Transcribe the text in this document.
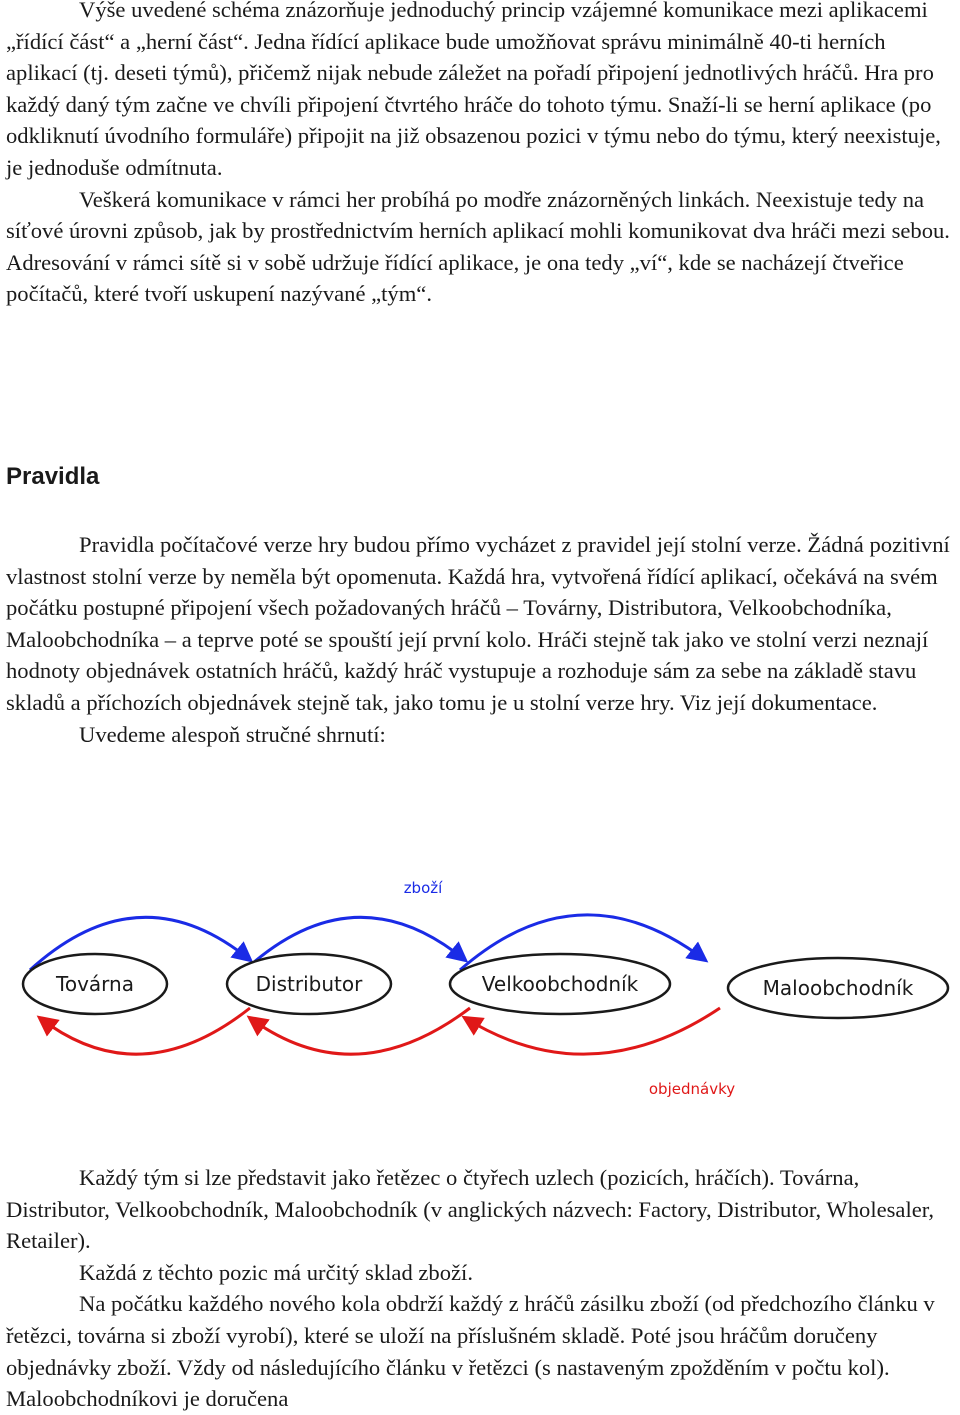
Výše uvedené schéma znázorňuje jednoduchý princip vzájemné komunikace mezi aplikacemi „řídící část“ a „herní část“. Jedna řídící aplikace bude umožňovat správu minimálně 40-ti herních aplikací (tj. deseti týmů), přičemž nijak nebude záležet na pořadí připojení jednotlivých hráčů. Hra pro každý daný tým začne ve chvíli připojení čtvrtého hráče do tohoto týmu. Snaží-li se herní aplikace (po odkliknutí úvodního formuláře) připojit na již obsazenou pozici v týmu nebo do týmu, který neexistuje, je jednoduše odmítnuta.

Veškerá komunikace v rámci her probíhá po modře znázorněných linkách. Neexistuje tedy na síťové úrovni způsob, jak by prostřednictvím herních aplikací mohli komunikovat dva hráči mezi sebou. Adresování v rámci sítě si v sobě udržuje řídící aplikace, je ona tedy „ví“, kde se nacházejí čtveřice počítačů, které tvoří uskupení nazývané „tým“.

Pravidla

Pravidla počítačové verze hry budou přímo vycházet z pravidel její stolní verze. Žádná pozitivní vlastnost stolní verze by neměla být opomenuta. Každá hra, vytvořená řídící aplikací, očekává na svém počátku postupné připojení všech požadovaných hráčů – Továrny, Distributora, Velkoobchodníka, Maloobchodníka – a teprve poté se spouští její první kolo. Hráči stejně tak jako ve stolní verzi neznají hodnoty objednávek ostatních hráčů, každý hráč vystupuje a rozhoduje sám za sebe na základě stavu skladů a příchozích objednávek stejně tak, jako tomu je u stolní verze hry. Viz její dokumentace.

Uvedeme alespoň stručné shrnutí:

Továrna	Distributor	Velkoobchodník	Maloobchodník
zboží
objednávky

Každý tým si lze představit jako řetězec o čtyřech uzlech (pozicích, hráčích). Továrna, Distributor, Velkoobchodník, Maloobchodník (v anglických názvech: Factory, Distributor, Wholesaler, Retailer).

Každá z těchto pozic má určitý sklad zboží.

Na počátku každého nového kola obdrží každý z hráčů zásilku zboží (od předchozího článku v řetězci, továrna si zboží vyrobí), které se uloží na příslušném skladě. Poté jsou hráčům doručeny objednávky zboží. Vždy od následujícího článku v řetězci (s nastaveným zpožděním v počtu kol). Maloobchodníkovi je doručena
